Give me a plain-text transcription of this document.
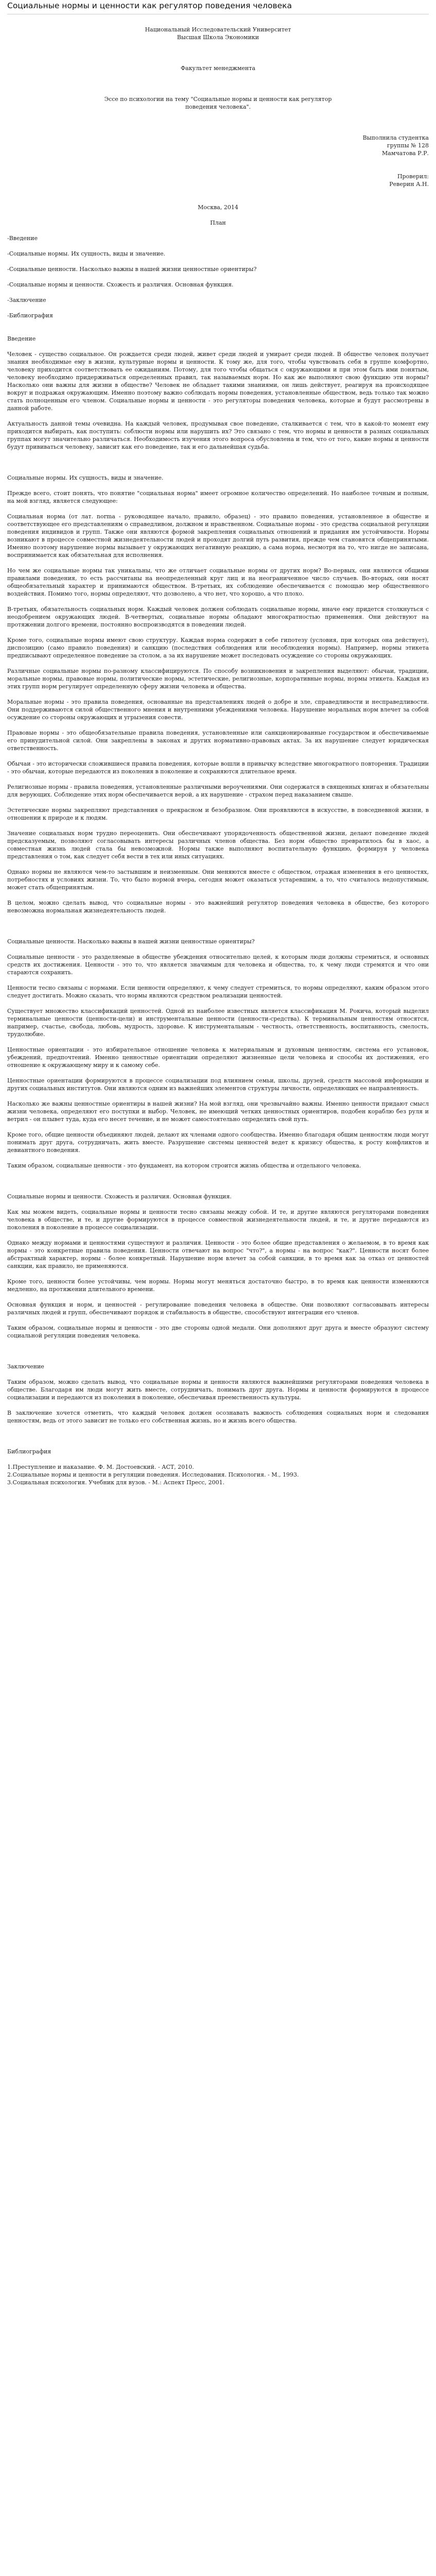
Социальные нормы и ценности как регулятор поведения человека

Национальный Исследовательский Университет

Высшая Школа Экономики

Факультет менеджмента

Эссе по психологии на тему "Социальные нормы и ценности как регулятор

поведения человека".

Выполнила студентка

группы № 128

Мамчатова Р.Р.

Проверил:

Реверин А.Н.

Москва, 2014

План

-Введение

-Социальные нормы. Их сущность, виды и значение.

-Социальные ценности. Насколько важны в нашей жизни ценностные ориентиры?

-Социальные нормы и ценности. Схожесть и различия. Основная функция.

-Заключение

-Библиография

Введение

Человек - существо социальное. Он рождается среди людей, живет среди людей и умирает среди людей. В обществе человек получает знания необходимые ему в жизни, культурные нормы и ценности. К тому же, для того, чтобы чувствовать себя в группе комфортно, человеку приходится соответствовать ее ожиданиям. Потому, для того чтобы общаться с окружающими и при этом быть ими понятым, человеку необходимо придерживаться определенных правил, так называемых норм. Но как же выполняют свою функцию эти нормы? Насколько они важны для жизни в обществе? Человек не обладает такими знаниями, он лишь действует, реагируя на происходящее вокруг и подражая окружающим. Именно поэтому важно соблюдать нормы поведения, установленные обществом, ведь только так можно стать полноценным его членом. Социальные нормы и ценности - это регуляторы поведения человека, которые и будут рассмотрены в данной работе.

Актуальность данной темы очевидна. На каждый человек, продумывая свое поведение, сталкивается с тем, что в какой-то момент ему приходится выбирать, как поступить: соблюсти нормы или нарушить их? Это связано с тем, что нормы и ценности в разных социальных группах могут значительно различаться. Необходимость изучения этого вопроса обусловлена и тем, что от того, какие нормы и ценности будут прививаться человеку, зависит как его поведение, так и его дальнейшая судьба.

Социальные нормы. Их сущность, виды и значение.

Прежде всего, стоит понять, что понятие "социальная норма" имеет огромное количество определений. Но наиболее точным и полным, на мой взгляд, является следующее:

Социальная норма (от лат. norma - руководящее начало, правило, образец) - это правило поведения, установленное в обществе и соответствующее его представлениям о справедливом, должном и нравственном. Социальные нормы - это средства социальной регуляции поведения индивидов и групп. Также они являются формой закрепления социальных отношений и придания им устойчивости. Нормы возникают в процессе совместной жизнедеятельности людей и проходят долгий путь развития, прежде чем становятся общепринятыми. Именно поэтому нарушение нормы вызывает у окружающих негативную реакцию, а сама норма, несмотря на то, что нигде не записана, воспринимается как обязательная для исполнения.

Но чем же социальные нормы так уникальны, что же отличает социальные нормы от других норм? Во-первых, они являются общими правилами поведения, то есть рассчитаны на неопределенный круг лиц и на неограниченное число случаев. Во-вторых, они носят общеобязательный характер и принимаются обществом. В-третьих, их соблюдение обеспечивается с помощью мер общественного воздействия. Помимо того, нормы определяют, что дозволено, а что нет, что хорошо, а что плохо.

В-третьих, обязательность социальных норм. Каждый человек должен соблюдать социальные нормы, иначе ему придется столкнуться с неодобрением окружающих людей. В-четвертых, социальные нормы обладают многократностью применения. Они действуют на протяжении долгого времени, постоянно воспроизводятся в поведении людей.

Кроме того, социальные нормы имеют свою структуру. Каждая норма содержит в себе гипотезу (условия, при которых она действует), диспозицию (само правило поведения) и санкцию (последствия соблюдения или несоблюдения нормы). Например, нормы этикета предписывают определенное поведение за столом, а за их нарушение может последовать осуждение со стороны окружающих.

Различные социальные нормы по-разному классифицируются. По способу возникновения и закрепления выделяют: обычаи, традиции, моральные нормы, правовые нормы, политические нормы, эстетические, религиозные, корпоративные нормы, нормы этикета. Каждая из этих групп норм регулирует определенную сферу жизни человека и общества.

Моральные нормы - это правила поведения, основанные на представлениях людей о добре и зле, справедливости и несправедливости. Они поддерживаются силой общественного мнения и внутренними убеждениями человека. Нарушение моральных норм влечет за собой осуждение со стороны окружающих и угрызения совести.

Правовые нормы - это общеобязательные правила поведения, установленные или санкционированные государством и обеспечиваемые его принудительной силой. Они закреплены в законах и других нормативно-правовых актах. За их нарушение следует юридическая ответственность.

Обычаи - это исторически сложившиеся правила поведения, которые вошли в привычку вследствие многократного повторения. Традиции - это обычаи, которые передаются из поколения в поколение и сохраняются длительное время.

Религиозные нормы - правила поведения, установленные различными вероучениями. Они содержатся в священных книгах и обязательны для верующих. Соблюдение этих норм обеспечивается верой, а их нарушение - страхом перед наказанием свыше.

Эстетические нормы закрепляют представления о прекрасном и безобразном. Они проявляются в искусстве, в повседневной жизни, в отношении к природе и к людям.

Значение социальных норм трудно переоценить. Они обеспечивают упорядоченность общественной жизни, делают поведение людей предсказуемым, позволяют согласовывать интересы различных членов общества. Без норм общество превратилось бы в хаос, а совместная жизнь людей стала бы невозможной. Нормы также выполняют воспитательную функцию, формируя у человека представления о том, как следует себя вести в тех или иных ситуациях.

Однако нормы не являются чем-то застывшим и неизменным. Они меняются вместе с обществом, отражая изменения в его ценностях, потребностях и условиях жизни. То, что было нормой вчера, сегодня может оказаться устаревшим, а то, что считалось недопустимым, может стать общепринятым.

В целом, можно сделать вывод, что социальные нормы - это важнейший регулятор поведения человека в обществе, без которого невозможна нормальная жизнедеятельность людей.

Социальные ценности. Насколько важны в нашей жизни ценностные ориентиры?

Социальные ценности - это разделяемые в обществе убеждения относительно целей, к которым люди должны стремиться, и основных средств их достижения. Ценности - это то, что является значимым для человека и общества, то, к чему люди стремятся и что они стараются сохранить.

Ценности тесно связаны с нормами. Если ценности определяют, к чему следует стремиться, то нормы определяют, каким образом этого следует достигать. Можно сказать, что нормы являются средством реализации ценностей.

Существует множество классификаций ценностей. Одной из наиболее известных является классификация М. Рокича, который выделил терминальные ценности (ценности-цели) и инструментальные ценности (ценности-средства). К терминальным ценностям относятся, например, счастье, свобода, любовь, мудрость, здоровье. К инструментальным - честность, ответственность, воспитанность, смелость, трудолюбие.

Ценностные ориентации - это избирательное отношение человека к материальным и духовным ценностям, система его установок, убеждений, предпочтений. Именно ценностные ориентации определяют жизненные цели человека и способы их достижения, его отношение к окружающему миру и к самому себе.

Ценностные ориентации формируются в процессе социализации под влиянием семьи, школы, друзей, средств массовой информации и других социальных институтов. Они являются одним из важнейших элементов структуры личности, определяющих ее направленность.

Насколько же важны ценностные ориентиры в нашей жизни? На мой взгляд, они чрезвычайно важны. Именно ценности придают смысл жизни человека, определяют его поступки и выбор. Человек, не имеющий четких ценностных ориентиров, подобен кораблю без руля и ветрил - он плывет туда, куда его несет течение, и не может самостоятельно определить свой путь.

Кроме того, общие ценности объединяют людей, делают их членами одного сообщества. Именно благодаря общим ценностям люди могут понимать друг друга, сотрудничать, жить вместе. Разрушение системы ценностей ведет к кризису общества, к росту конфликтов и девиантного поведения.

Таким образом, социальные ценности - это фундамент, на котором строится жизнь общества и отдельного человека.

Социальные нормы и ценности. Схожесть и различия. Основная функция.

Как мы можем видеть, социальные нормы и ценности тесно связаны между собой. И те, и другие являются регуляторами поведения человека в обществе, и те, и другие формируются в процессе совместной жизнедеятельности людей, и те, и другие передаются из поколения в поколение в процессе социализации.

Однако между нормами и ценностями существуют и различия. Ценности - это более общие представления о желаемом, в то время как нормы - это конкретные правила поведения. Ценности отвечают на вопрос "что?", а нормы - на вопрос "как?". Ценности носят более абстрактный характер, нормы - более конкретный. Нарушение норм влечет за собой санкции, в то время как за отказ от ценностей санкции, как правило, не применяются.

Кроме того, ценности более устойчивы, чем нормы. Нормы могут меняться достаточно быстро, в то время как ценности изменяются медленно, на протяжении длительного времени.

Основная функция и норм, и ценностей - регулирование поведения человека в обществе. Они позволяют согласовывать интересы различных людей и групп, обеспечивают порядок и стабильность в обществе, способствуют интеграции его членов.

Таким образом, социальные нормы и ценности - это две стороны одной медали. Они дополняют друг друга и вместе образуют систему социальной регуляции поведения человека.

Заключение

Таким образом, можно сделать вывод, что социальные нормы и ценности являются важнейшими регуляторами поведения человека в обществе. Благодаря им люди могут жить вместе, сотрудничать, понимать друг друга. Нормы и ценности формируются в процессе социализации и передаются из поколения в поколение, обеспечивая преемственность культуры.

В заключение хочется отметить, что каждый человек должен осознавать важность соблюдения социальных норм и следования ценностям, ведь от этого зависит не только его собственная жизнь, но и жизнь всего общества.

Библиография

1.Преступление и наказание. Ф. М. Достоевский. - АСТ, 2010.

2.Социальные нормы и ценности в регуляции поведения. Исследования. Психология. - М., 1993.

3.Социальная психология. Учебник для вузов. - М.: Аспект Пресс, 2001.
